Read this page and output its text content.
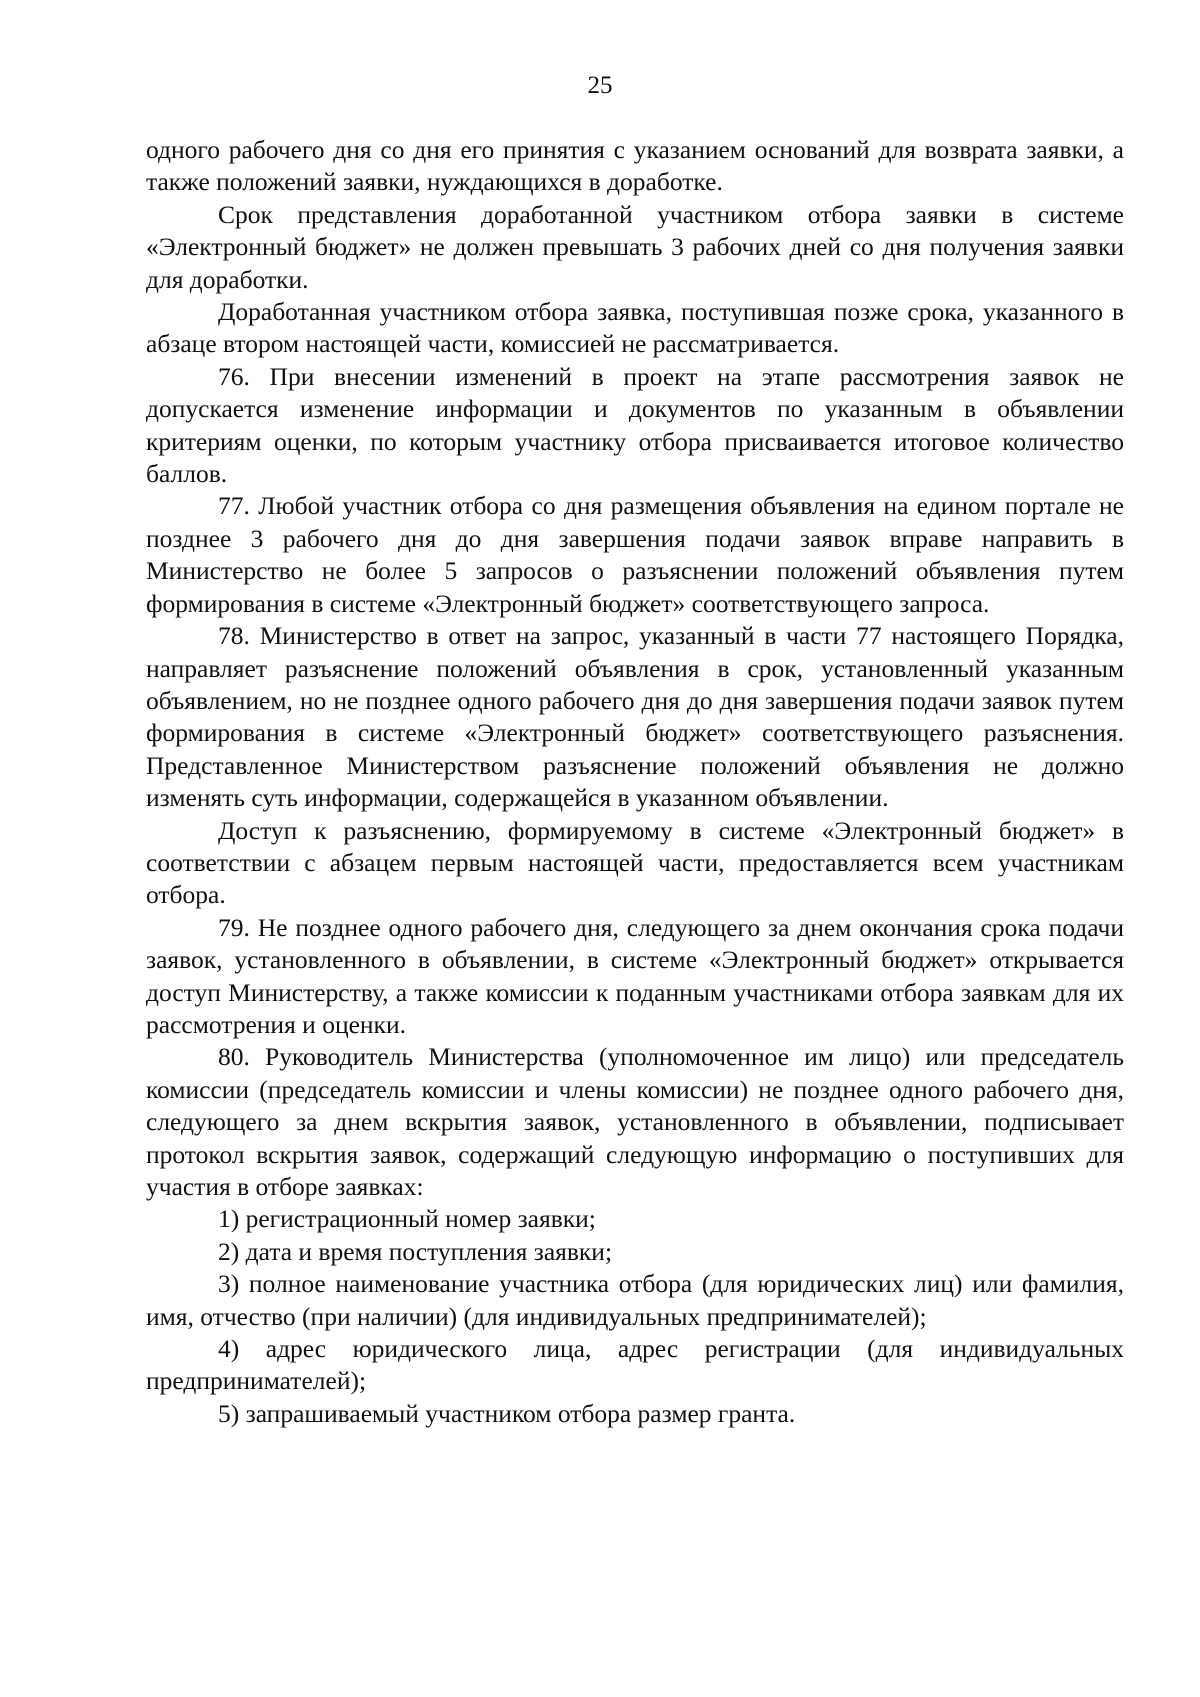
25

одного рабочего дня со дня его принятия с указанием оснований для возврата заявки, а также положений заявки, нуждающихся в доработке.

Срок представления доработанной участником отбора заявки в системе «Электронный бюджет» не должен превышать 3 рабочих дней со дня получения заявки для доработки.

Доработанная участником отбора заявка, поступившая позже срока, указанного в абзаце втором настоящей части, комиссией не рассматривается.

76. При внесении изменений в проект на этапе рассмотрения заявок не допускается изменение информации и документов по указанным в объявлении критериям оценки, по которым участнику отбора присваивается итоговое количество баллов.

77. Любой участник отбора со дня размещения объявления на едином портале не позднее 3 рабочего дня до дня завершения подачи заявок вправе направить в Министерство не более 5 запросов о разъяснении положений объявления путем формирования в системе «Электронный бюджет» соответствующего запроса.

78. Министерство в ответ на запрос, указанный в части 77 настоящего Порядка, направляет разъяснение положений объявления в срок, установленный указанным объявлением, но не позднее одного рабочего дня до дня завершения подачи заявок путем формирования в системе «Электронный бюджет» соответствующего разъяснения. Представленное Министерством разъяснение положений объявления не должно изменять суть информации, содержащейся в указанном объявлении.

Доступ к разъяснению, формируемому в системе «Электронный бюджет» в соответствии с абзацем первым настоящей части, предоставляется всем участникам отбора.

79. Не позднее одного рабочего дня, следующего за днем окончания срока подачи заявок, установленного в объявлении, в системе «Электронный бюджет» открывается доступ Министерству, а также комиссии к поданным участниками отбора заявкам для их рассмотрения и оценки.

80. Руководитель Министерства (уполномоченное им лицо) или председатель комиссии (председатель комиссии и члены комиссии) не позднее одного рабочего дня, следующего за днем вскрытия заявок, установленного в объявлении, подписывает протокол вскрытия заявок, содержащий следующую информацию о поступивших для участия в отборе заявках:

1) регистрационный номер заявки;

2) дата и время поступления заявки;

3) полное наименование участника отбора (для юридических лиц) или фамилия, имя, отчество (при наличии) (для индивидуальных предпринимателей);

4) адрес юридического лица, адрес регистрации (для индивидуальных предпринимателей);

5) запрашиваемый участником отбора размер гранта.
